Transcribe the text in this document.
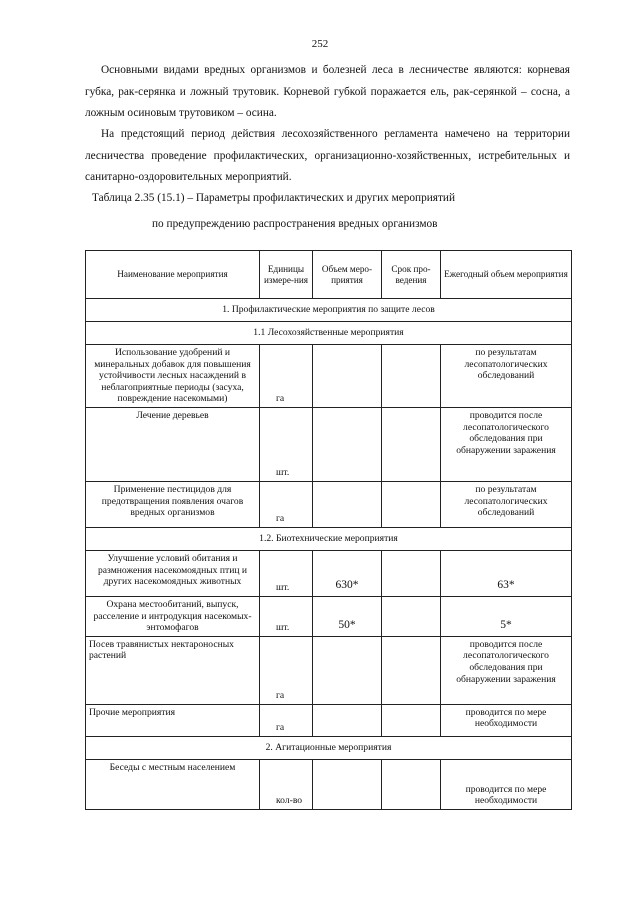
252

Основными видами вредных организмов и болезней леса в лесничестве являются: корневая губка, рак-серянка и ложный трутовик. Корневой губкой поражается ель, рак-серянкой – сосна, а ложным осиновым трутовиком – осина.

На предстоящий период действия лесохозяйственного регламента намечено на территории лесничества проведение профилактических, организационно-хозяйственных, истребительных и санитарно-оздоровительных мероприятий.

Таблица 2.35 (15.1) – Параметры профилактических и других мероприятий
по предупреждению распространения вредных организмов
Наименование мероприятия	Единицы измере-ния	Объем меро-приятия	Срок про-ведения	Ежегодный объем мероприятия
1. Профилактические мероприятия по защите лесов				
1.1 Лесохозяйственные мероприятия				
Использование удобрений и минеральных добавок для повышения устойчивости лесных насаждений в неблагоприятные периоды (засуха, повреждение насекомыми)	га			по результатам лесопатологических обследований
Лечение деревьев	шт.			проводится после лесопатологического обследования при обнаружении заражения
Применение пестицидов для предотвращения появления очагов вредных организмов	га			по результатам лесопатологических обследований
1.2. Биотехнические мероприятия				
Улучшение условий обитания и размножения насекомоядных птиц и других насекомоядных животных	шт.	630*		63*
Охрана местообитаний, выпуск, расселение и интродукция насекомых-энтомофагов	шт.	50*		5*
Посев травянистых нектароносных растений	га			проводится после лесопатологического обследования при обнаружении заражения
Прочие мероприятия	га			проводится по мере необходимости
2. Агитационные мероприятия				
Беседы с местным населением	кол-во			проводится по мере необходимости
